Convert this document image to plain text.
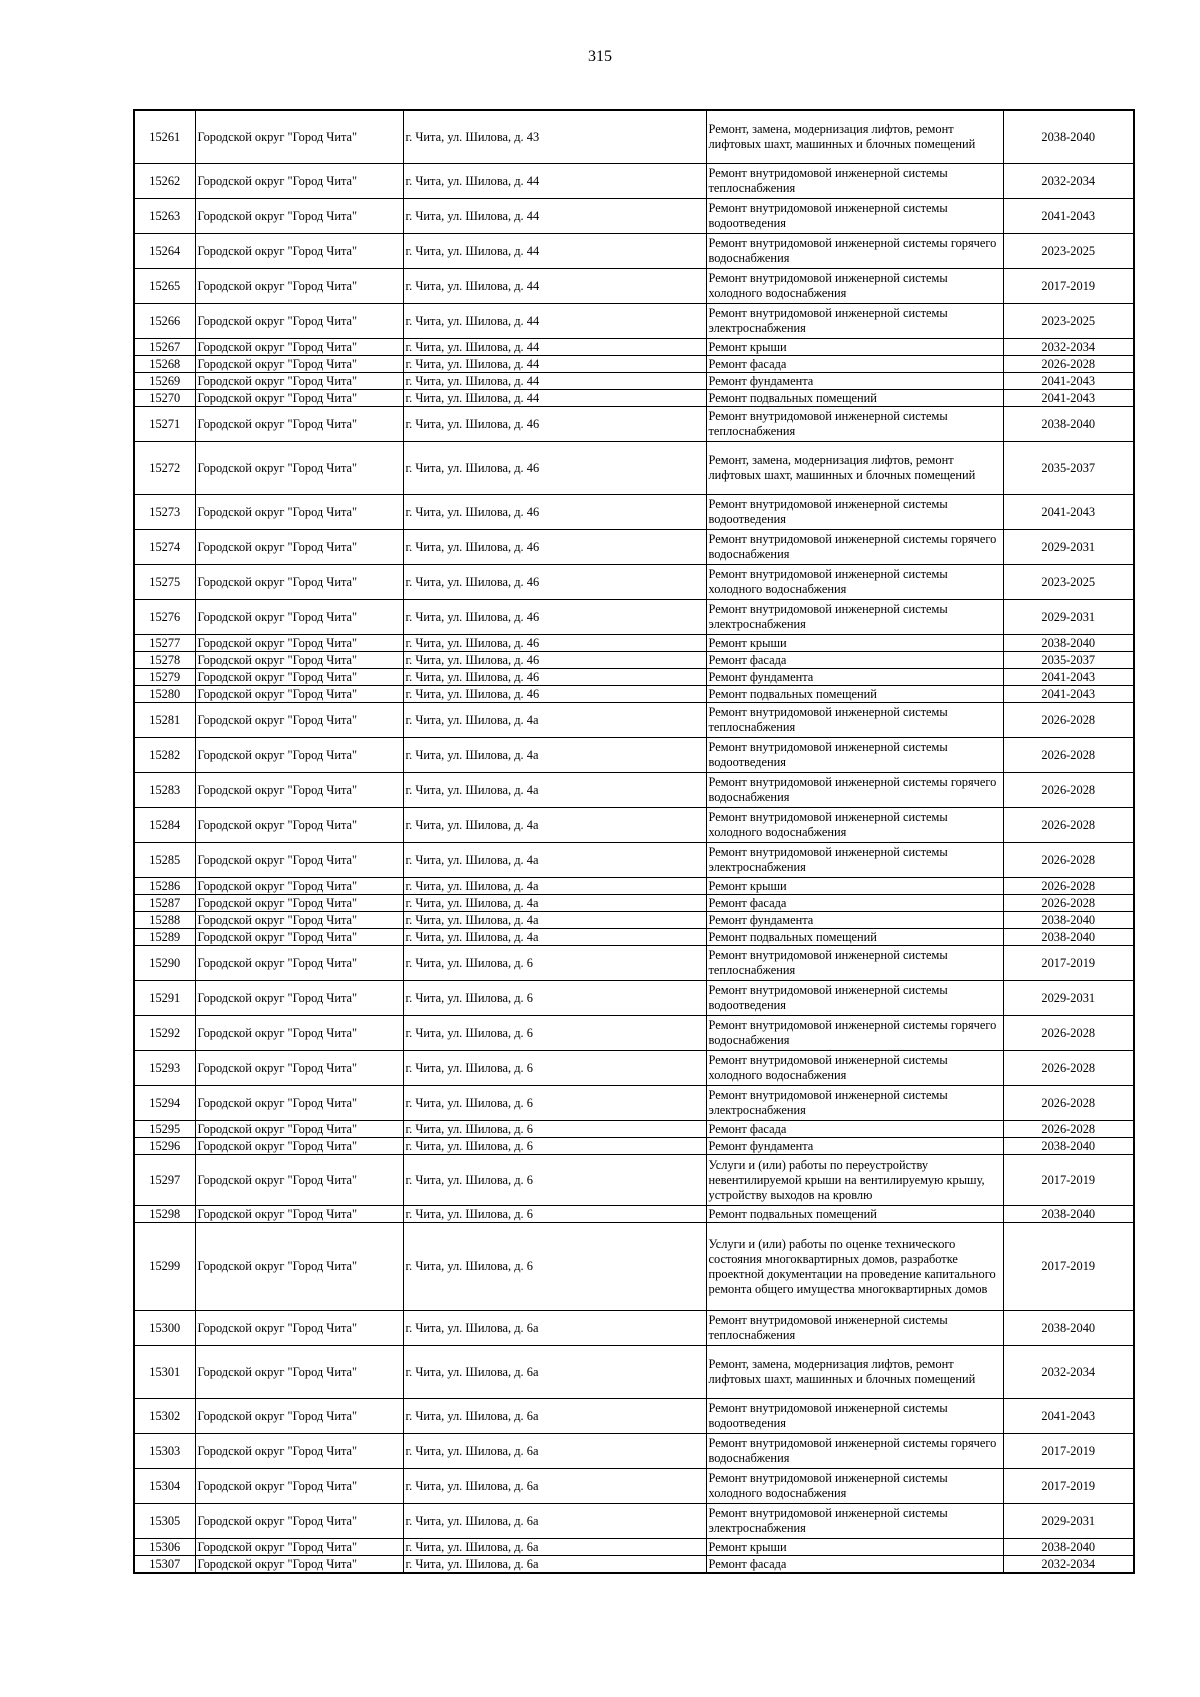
315
15261	Городской округ "Город Чита"	г. Чита, ул. Шилова, д. 43	Ремонт, замена, модернизация лифтов, ремонт лифтовых шахт, машинных и блочных помещений	2038-2040
15262	Городской округ "Город Чита"	г. Чита, ул. Шилова, д. 44	Ремонт внутридомовой инженерной системы теплоснабжения	2032-2034
15263	Городской округ "Город Чита"	г. Чита, ул. Шилова, д. 44	Ремонт внутридомовой инженерной системы водоотведения	2041-2043
15264	Городской округ "Город Чита"	г. Чита, ул. Шилова, д. 44	Ремонт внутридомовой инженерной системы горячего водоснабжения	2023-2025
15265	Городской округ "Город Чита"	г. Чита, ул. Шилова, д. 44	Ремонт внутридомовой инженерной системы холодного водоснабжения	2017-2019
15266	Городской округ "Город Чита"	г. Чита, ул. Шилова, д. 44	Ремонт внутридомовой инженерной системы электроснабжения	2023-2025
15267	Городской округ "Город Чита"	г. Чита, ул. Шилова, д. 44	Ремонт крыши	2032-2034
15268	Городской округ "Город Чита"	г. Чита, ул. Шилова, д. 44	Ремонт фасада	2026-2028
15269	Городской округ "Город Чита"	г. Чита, ул. Шилова, д. 44	Ремонт фундамента	2041-2043
15270	Городской округ "Город Чита"	г. Чита, ул. Шилова, д. 44	Ремонт подвальных помещений	2041-2043
15271	Городской округ "Город Чита"	г. Чита, ул. Шилова, д. 46	Ремонт внутридомовой инженерной системы теплоснабжения	2038-2040
15272	Городской округ "Город Чита"	г. Чита, ул. Шилова, д. 46	Ремонт, замена, модернизация лифтов, ремонт лифтовых шахт, машинных и блочных помещений	2035-2037
15273	Городской округ "Город Чита"	г. Чита, ул. Шилова, д. 46	Ремонт внутридомовой инженерной системы водоотведения	2041-2043
15274	Городской округ "Город Чита"	г. Чита, ул. Шилова, д. 46	Ремонт внутридомовой инженерной системы горячего водоснабжения	2029-2031
15275	Городской округ "Город Чита"	г. Чита, ул. Шилова, д. 46	Ремонт внутридомовой инженерной системы холодного водоснабжения	2023-2025
15276	Городской округ "Город Чита"	г. Чита, ул. Шилова, д. 46	Ремонт внутридомовой инженерной системы электроснабжения	2029-2031
15277	Городской округ "Город Чита"	г. Чита, ул. Шилова, д. 46	Ремонт крыши	2038-2040
15278	Городской округ "Город Чита"	г. Чита, ул. Шилова, д. 46	Ремонт фасада	2035-2037
15279	Городской округ "Город Чита"	г. Чита, ул. Шилова, д. 46	Ремонт фундамента	2041-2043
15280	Городской округ "Город Чита"	г. Чита, ул. Шилова, д. 46	Ремонт подвальных помещений	2041-2043
15281	Городской округ "Город Чита"	г. Чита, ул. Шилова, д. 4а	Ремонт внутридомовой инженерной системы теплоснабжения	2026-2028
15282	Городской округ "Город Чита"	г. Чита, ул. Шилова, д. 4а	Ремонт внутридомовой инженерной системы водоотведения	2026-2028
15283	Городской округ "Город Чита"	г. Чита, ул. Шилова, д. 4а	Ремонт внутридомовой инженерной системы горячего водоснабжения	2026-2028
15284	Городской округ "Город Чита"	г. Чита, ул. Шилова, д. 4а	Ремонт внутридомовой инженерной системы холодного водоснабжения	2026-2028
15285	Городской округ "Город Чита"	г. Чита, ул. Шилова, д. 4а	Ремонт внутридомовой инженерной системы электроснабжения	2026-2028
15286	Городской округ "Город Чита"	г. Чита, ул. Шилова, д. 4а	Ремонт крыши	2026-2028
15287	Городской округ "Город Чита"	г. Чита, ул. Шилова, д. 4а	Ремонт фасада	2026-2028
15288	Городской округ "Город Чита"	г. Чита, ул. Шилова, д. 4а	Ремонт фундамента	2038-2040
15289	Городской округ "Город Чита"	г. Чита, ул. Шилова, д. 4а	Ремонт подвальных помещений	2038-2040
15290	Городской округ "Город Чита"	г. Чита, ул. Шилова, д. 6	Ремонт внутридомовой инженерной системы теплоснабжения	2017-2019
15291	Городской округ "Город Чита"	г. Чита, ул. Шилова, д. 6	Ремонт внутридомовой инженерной системы водоотведения	2029-2031
15292	Городской округ "Город Чита"	г. Чита, ул. Шилова, д. 6	Ремонт внутридомовой инженерной системы горячего водоснабжения	2026-2028
15293	Городской округ "Город Чита"	г. Чита, ул. Шилова, д. 6	Ремонт внутридомовой инженерной системы холодного водоснабжения	2026-2028
15294	Городской округ "Город Чита"	г. Чита, ул. Шилова, д. 6	Ремонт внутридомовой инженерной системы электроснабжения	2026-2028
15295	Городской округ "Город Чита"	г. Чита, ул. Шилова, д. 6	Ремонт фасада	2026-2028
15296	Городской округ "Город Чита"	г. Чита, ул. Шилова, д. 6	Ремонт фундамента	2038-2040
15297	Городской округ "Город Чита"	г. Чита, ул. Шилова, д. 6	Услуги и (или) работы по переустройству невентилируемой крыши на вентилируемую крышу, устройству выходов на кровлю	2017-2019
15298	Городской округ "Город Чита"	г. Чита, ул. Шилова, д. 6	Ремонт подвальных помещений	2038-2040
15299	Городской округ "Город Чита"	г. Чита, ул. Шилова, д. 6	Услуги и (или) работы по оценке технического состояния многоквартирных домов, разработке проектной документации на проведение капитального ремонта общего имущества многоквартирных домов	2017-2019
15300	Городской округ "Город Чита"	г. Чита, ул. Шилова, д. 6а	Ремонт внутридомовой инженерной системы теплоснабжения	2038-2040
15301	Городской округ "Город Чита"	г. Чита, ул. Шилова, д. 6а	Ремонт, замена, модернизация лифтов, ремонт лифтовых шахт, машинных и блочных помещений	2032-2034
15302	Городской округ "Город Чита"	г. Чита, ул. Шилова, д. 6а	Ремонт внутридомовой инженерной системы водоотведения	2041-2043
15303	Городской округ "Город Чита"	г. Чита, ул. Шилова, д. 6а	Ремонт внутридомовой инженерной системы горячего водоснабжения	2017-2019
15304	Городской округ "Город Чита"	г. Чита, ул. Шилова, д. 6а	Ремонт внутридомовой инженерной системы холодного водоснабжения	2017-2019
15305	Городской округ "Город Чита"	г. Чита, ул. Шилова, д. 6а	Ремонт внутридомовой инженерной системы электроснабжения	2029-2031
15306	Городской округ "Город Чита"	г. Чита, ул. Шилова, д. 6а	Ремонт крыши	2038-2040
15307	Городской округ "Город Чита"	г. Чита, ул. Шилова, д. 6а	Ремонт фасада	2032-2034
